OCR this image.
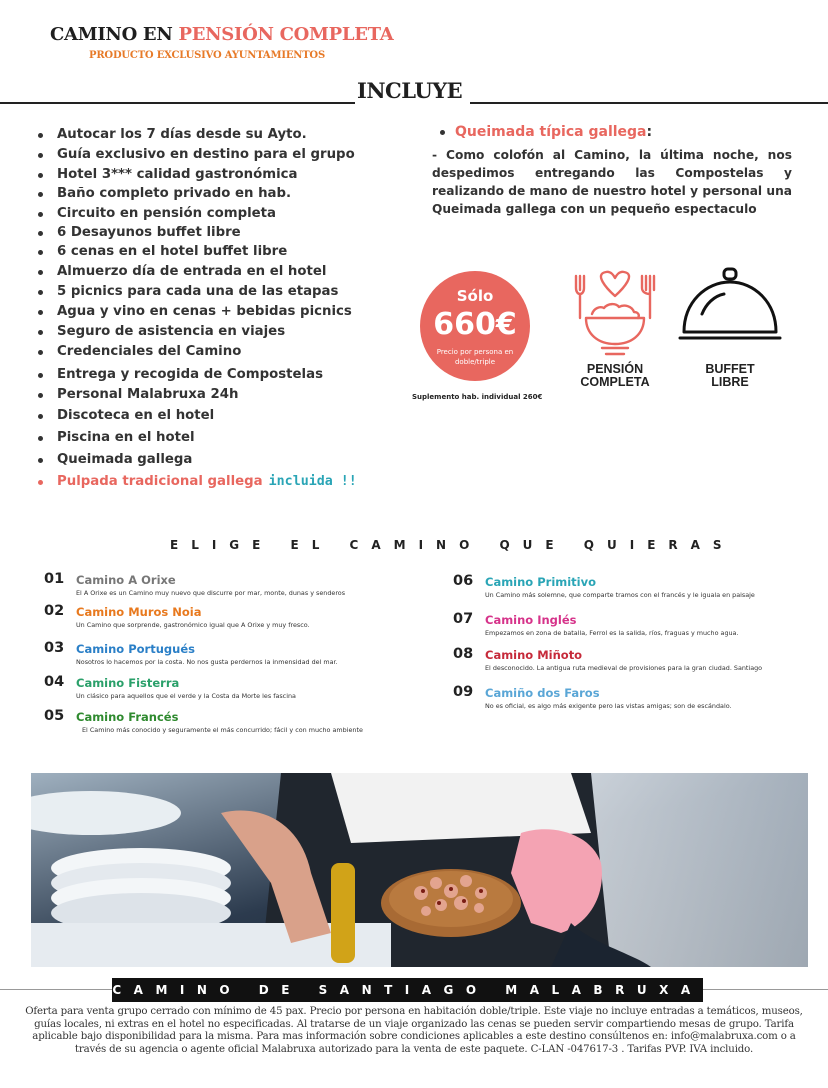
CAMINO EN PENSIÓN COMPLETA
PRODUCTO EXCLUSIVO AYUNTAMIENTOS
INCLUYE
Autocar los 7 días desde su Ayto.
Guía exclusivo en destino para el grupo
Hotel 3*** calidad gastronómica
Baño completo privado en hab.
Circuito en pensión completa
6 Desayunos buffet libre
6 cenas en el hotel buffet libre
Almuerzo día de entrada en el hotel
5 picnics para cada una de las etapas
Agua y vino en cenas + bebidas picnics
Seguro de asistencia en viajes
Credenciales del Camino
Entrega y recogida de Compostelas
Personal Malabruxa 24h
Discoteca en el hotel
Piscina en el hotel
Queimada gallega
Pulpada tradicional gallega incluida !!
Queimada típica gallega:
- Como colofón al Camino, la última noche, nos despedimos entregando las Compostelas y realizando de mano de nuestro hotel y personal una Queimada gallega con un pequeño espectaculo
Sólo
660€
Precio por persona en doble/triple
Suplemento hab. individual 260€
PENSIÓN
COMPLETA
BUFFET
LIBRE
ELIGE EL CAMINO QUE QUIERAS
01 Camino A Orixe
El A Orixe es un Camino muy nuevo que discurre por mar, monte, dunas y senderos
02 Camino Muros Noia
Un Camino que sorprende, gastronómico igual que A Orixe y muy fresco.
03 Camino Portugués
Nosotros lo hacemos por la costa. No nos gusta perdernos la inmensidad del mar.
04 Camino Fisterra
Un clásico para aquellos que el verde y la Costa da Morte les fascina
05 Camino Francés
El Camino más conocido y seguramente el más concurrido; fácil y con mucho ambiente
06 Camino Primitivo
Un Camino más solemne, que comparte tramos con el francés y le iguala en paisaje
07 Camino Inglés
Empezamos en zona de batalla, Ferrol es la salida, ríos, fraguas y mucho agua.
08 Camino Miñoto
El desconocido. La antigua ruta medieval de provisiones para la gran ciudad. Santiago
09 Camiño dos Faros
No es oficial, es algo más exigente pero las vistas amigas; son de escándalo.
CAMINO DE SANTIAGO MALABRUXA
Oferta para venta grupo cerrado con mínimo de 45 pax. Precio por persona en habitación doble/triple. Este viaje no incluye entradas a temáticos, museos, guías locales, ni extras en el hotel no especificadas. Al tratarse de un viaje organizado las cenas se pueden servir compartiendo mesas de grupo. Tarifa aplicable bajo disponibilidad para la misma. Para mas información sobre condiciones aplicables a este destino consúltenos en: info@malabruxa.com o a través de su agencia o agente oficial Malabruxa autorizado para la venta de este paquete. C-LAN -047617-3 . Tarifas PVP. IVA incluido.
